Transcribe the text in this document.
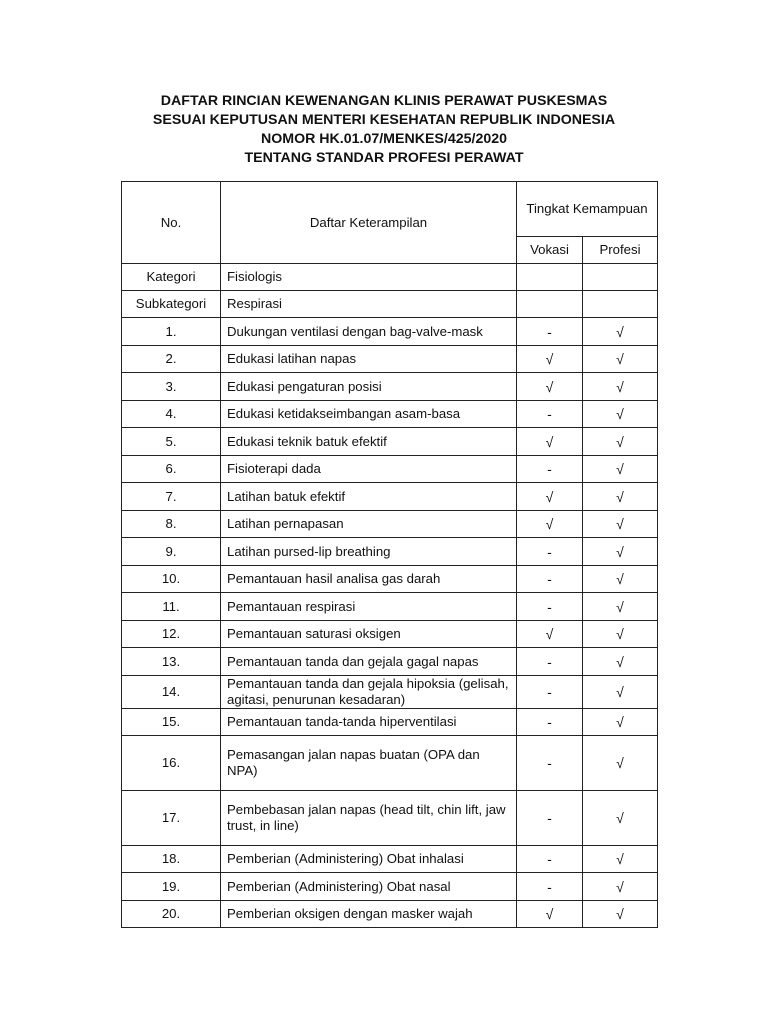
DAFTAR RINCIAN KEWENANGAN KLINIS PERAWAT PUSKESMAS
SESUAI KEPUTUSAN MENTERI KESEHATAN REPUBLIK INDONESIA
NOMOR HK.01.07/MENKES/425/2020
TENTANG STANDAR PROFESI PERAWAT
No.	Daftar Keterampilan	Tingkat Kemampuan	
		Vokasi	Profesi
Kategori	Fisiologis		
Subkategori	Respirasi		
1.	Dukungan ventilasi dengan bag-valve-mask	-	√
2.	Edukasi latihan napas	√	√
3.	Edukasi pengaturan posisi	√	√
4.	Edukasi ketidakseimbangan asam-basa	-	√
5.	Edukasi teknik batuk efektif	√	√
6.	Fisioterapi dada	-	√
7.	Latihan batuk efektif	√	√
8.	Latihan pernapasan	√	√
9.	Latihan pursed-lip breathing	-	√
10.	Pemantauan hasil analisa gas darah	-	√
11.	Pemantauan respirasi	-	√
12.	Pemantauan saturasi oksigen	√	√
13.	Pemantauan tanda dan gejala gagal napas	-	√
14.	Pemantauan tanda dan gejala hipoksia (gelisah, agitasi, penurunan kesadaran)	-	√
15.	Pemantauan tanda-tanda hiperventilasi	-	√
16.	Pemasangan jalan napas buatan (OPA dan NPA)	-	√
17.	Pembebasan jalan napas (head tilt, chin lift, jaw trust, in line)	-	√
18.	Pemberian (Administering) Obat inhalasi	-	√
19.	Pemberian (Administering) Obat nasal	-	√
20.	Pemberian oksigen dengan masker wajah	√	√
